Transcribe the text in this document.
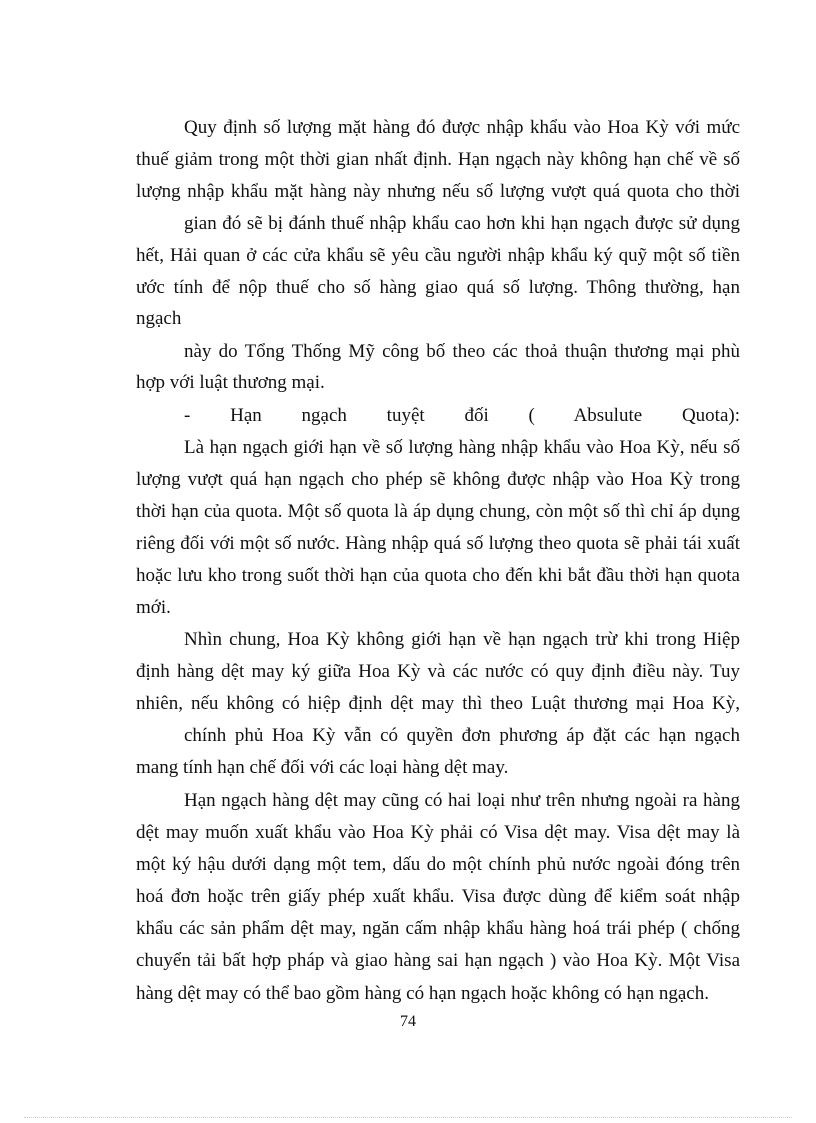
Quy định số lượng mặt hàng đó được nhập khẩu vào Hoa Kỳ với mức
thuế giảm trong một thời gian nhất định. Hạn ngạch này không hạn chế về số
lượng nhập khẩu mặt hàng này nhưng nếu số lượng vượt quá quota cho thời
gian đó sẽ bị đánh thuế nhập khẩu cao hơn khi hạn ngạch được sử dụng
hết, Hải quan ở các cửa khẩu sẽ yêu cầu người nhập khẩu ký quỹ một số tiền
ước tính để nộp thuế cho số hàng giao quá số lượng. Thông thường, hạn
ngạch
này do Tổng Thống Mỹ công bố theo các thoả thuận thương mại phù
hợp với luật thương mại.
- Hạn ngạch tuyệt đối ( Absulute Quota):
Là hạn ngạch giới hạn về số lượng hàng nhập khẩu vào Hoa Kỳ, nếu số
lượng vượt quá hạn ngạch cho phép sẽ không được nhập vào Hoa Kỳ trong
thời hạn của quota. Một số quota là áp dụng chung, còn một số thì chỉ áp dụng
riêng đối với một số nước. Hàng nhập quá số lượng theo quota sẽ phải tái xuất
hoặc lưu kho trong suốt thời hạn của quota cho đến khi bắt đầu thời hạn quota
mới.
Nhìn chung, Hoa Kỳ không giới hạn về hạn ngạch trừ khi trong Hiệp
định hàng dệt may ký giữa Hoa Kỳ và các nước có quy định điều này. Tuy
nhiên, nếu không có hiệp định dệt may thì theo Luật thương mại Hoa Kỳ,
chính phủ Hoa Kỳ vẫn có quyền đơn phương áp đặt các hạn ngạch
mang tính hạn chế đối với các loại hàng dệt may.
Hạn ngạch hàng dệt may cũng có hai loại như trên nhưng ngoài ra hàng
dệt may muốn xuất khẩu vào Hoa Kỳ phải có Visa dệt may. Visa dệt may là
một ký hậu dưới dạng một tem, dấu do một chính phủ nước ngoài đóng trên
hoá đơn hoặc trên giấy phép xuất khẩu. Visa được dùng để kiểm soát nhập
khẩu các sản phẩm dệt may, ngăn cấm nhập khẩu hàng hoá trái phép ( chống
chuyển tải bất hợp pháp và giao hàng sai hạn ngạch ) vào Hoa Kỳ. Một Visa
hàng dệt may có thể bao gồm hàng có hạn ngạch hoặc không có hạn ngạch.
74
